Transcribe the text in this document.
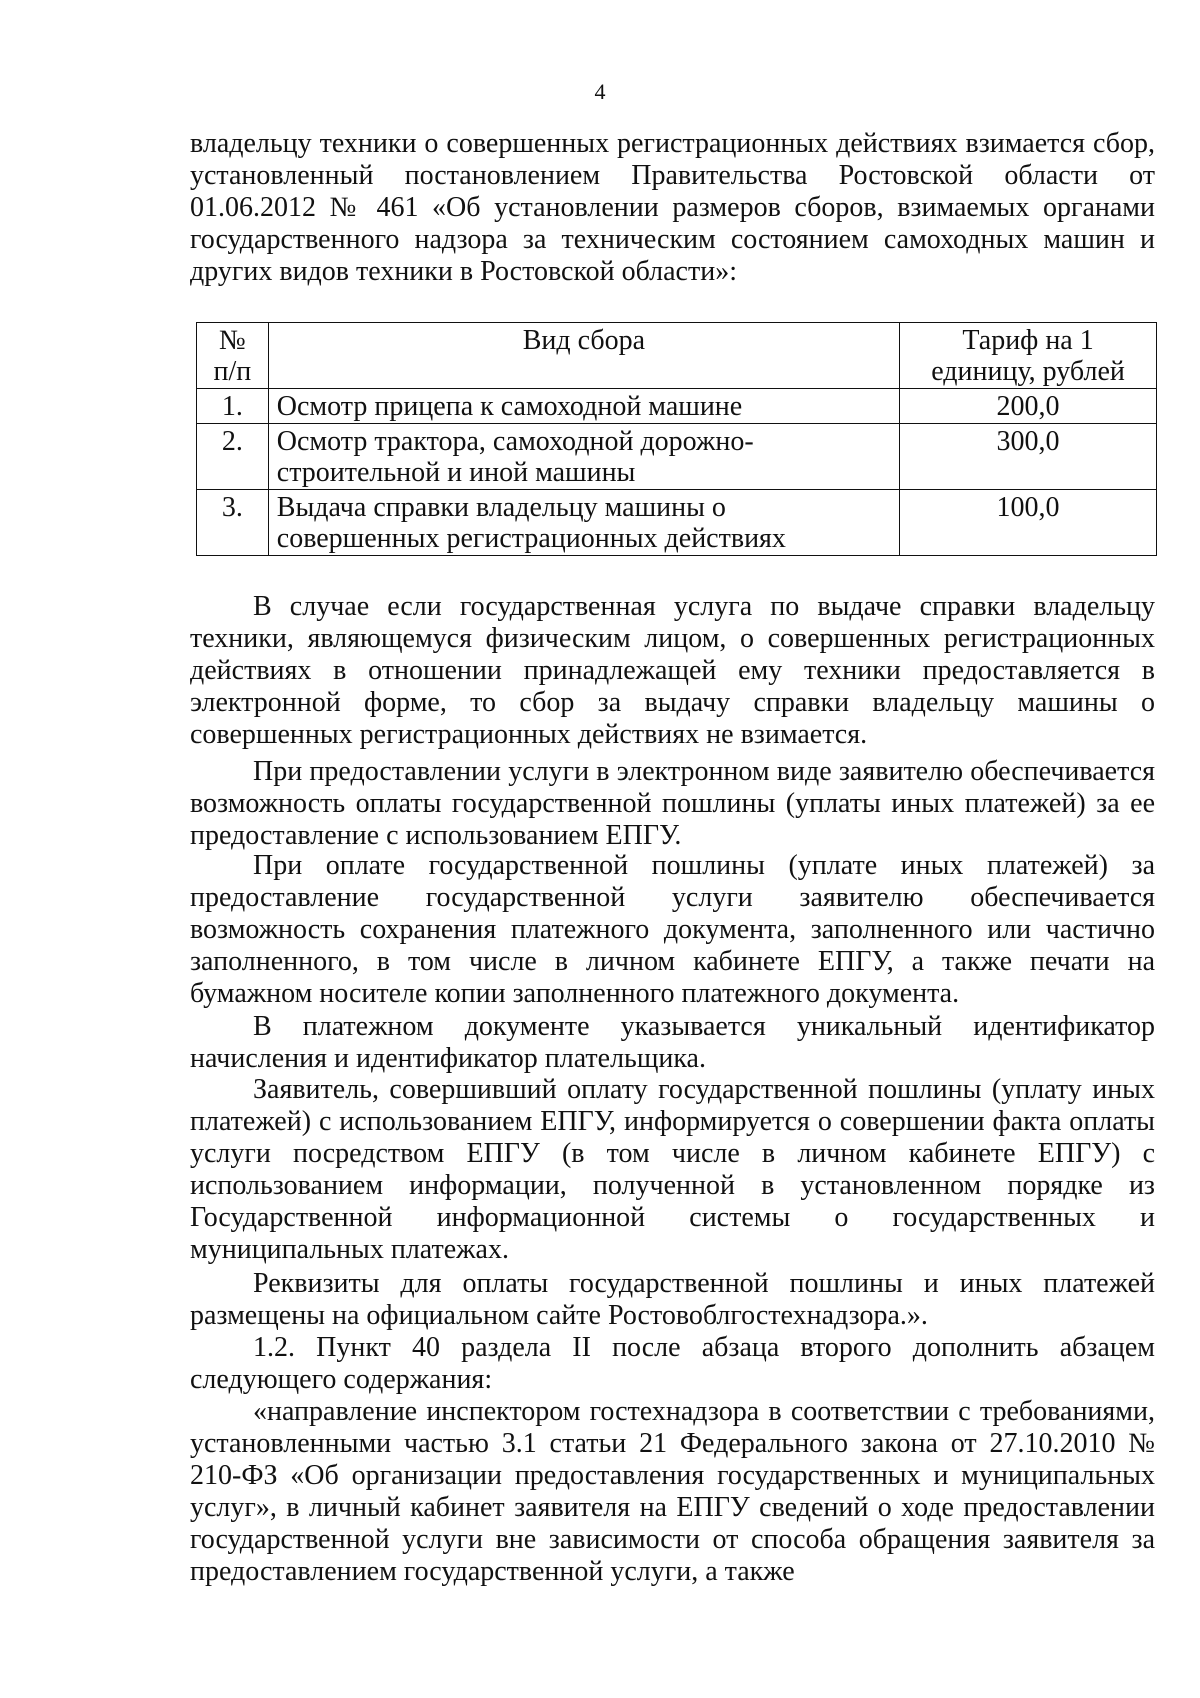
4

владельцу техники о совершенных регистрационных действиях взимается сбор, установленный постановлением Правительства Ростовской области от 01.06.2012 № 461 «Об установлении размеров сборов, взимаемых органами государственного надзора за техническим состоянием самоходных машин и других видов техники в Ростовской области»:

№ п/п	Вид сбора	Тариф на 1 единицу, рублей
1.	Осмотр прицепа к самоходной машине	200,0
2.	Осмотр трактора, самоходной дорожно-строительной и иной машины	300,0
3.	Выдача справки владельцу машины о совершенных регистрационных действиях	100,0

В случае если государственная услуга по выдаче справки владельцу техники, являющемуся физическим лицом, о совершенных регистрационных действиях в отношении принадлежащей ему техники предоставляется в электронной форме, то сбор за выдачу справки владельцу машины о совершенных регистрационных действиях не взимается.

При предоставлении услуги в электронном виде заявителю обеспечивается возможность оплаты государственной пошлины (уплаты иных платежей) за ее предоставление с использованием ЕПГУ.

При оплате государственной пошлины (уплате иных платежей) за предоставление государственной услуги заявителю обеспечивается возможность сохранения платежного документа, заполненного или частично заполненного, в том числе в личном кабинете ЕПГУ, а также печати на бумажном носителе копии заполненного платежного документа.

В платежном документе указывается уникальный идентификатор начисления и идентификатор плательщика.

Заявитель, совершивший оплату государственной пошлины (уплату иных платежей) с использованием ЕПГУ, информируется о совершении факта оплаты услуги посредством ЕПГУ (в том числе в личном кабинете ЕПГУ) с использованием информации, полученной в установленном порядке из Государственной информационной системы о государственных и муниципальных платежах.

Реквизиты для оплаты государственной пошлины и иных платежей размещены на официальном сайте Ростовоблгостехнадзора.».

1.2. Пункт 40 раздела II после абзаца второго дополнить абзацем следующего содержания:

«направление инспектором гостехнадзора в соответствии с требованиями, установленными частью 3.1 статьи 21 Федерального закона от 27.10.2010 № 210-ФЗ «Об организации предоставления государственных и муниципальных услуг», в личный кабинет заявителя на ЕПГУ сведений о ходе предоставлении государственной услуги вне зависимости от способа обращения заявителя за предоставлением государственной услуги, а также
